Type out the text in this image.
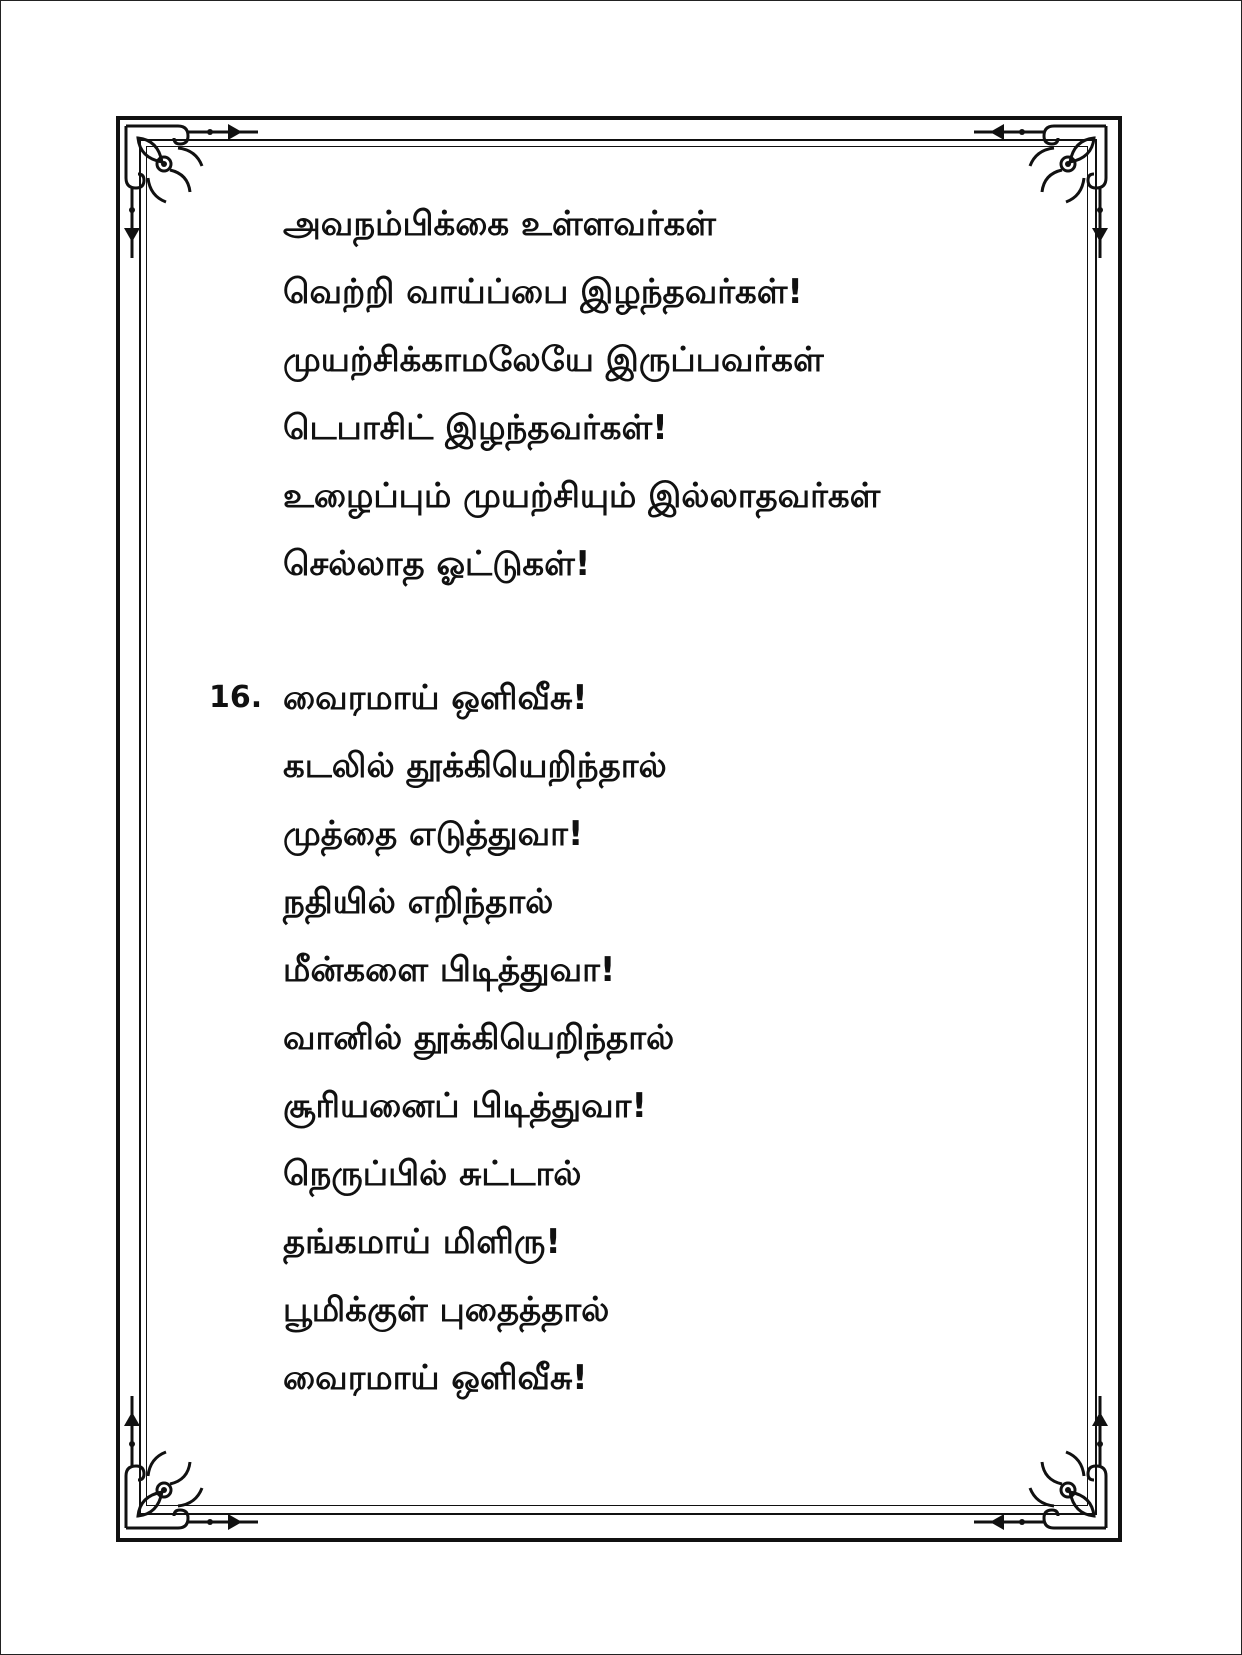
அவநம்பிக்கை உள்ளவர்கள்
வெற்றி வாய்ப்பை இழந்தவர்கள்!
முயற்சிக்காமலேயே இருப்பவர்கள்
டெபாசிட் இழந்தவர்கள்!
உழைப்பும் முயற்சியும் இல்லாதவர்கள்
செல்லாத ஓட்டுகள்!
16. வைரமாய் ஒளிவீசு!
கடலில் தூக்கியெறிந்தால்
முத்தை எடுத்துவா!
நதியில் எறிந்தால்
மீன்களை பிடித்துவா!
வானில் தூக்கியெறிந்தால்
சூரியனைப் பிடித்துவா!
நெருப்பில் சுட்டால்
தங்கமாய் மிளிரு!
பூமிக்குள் புதைத்தால்
வைரமாய் ஒளிவீசு!
